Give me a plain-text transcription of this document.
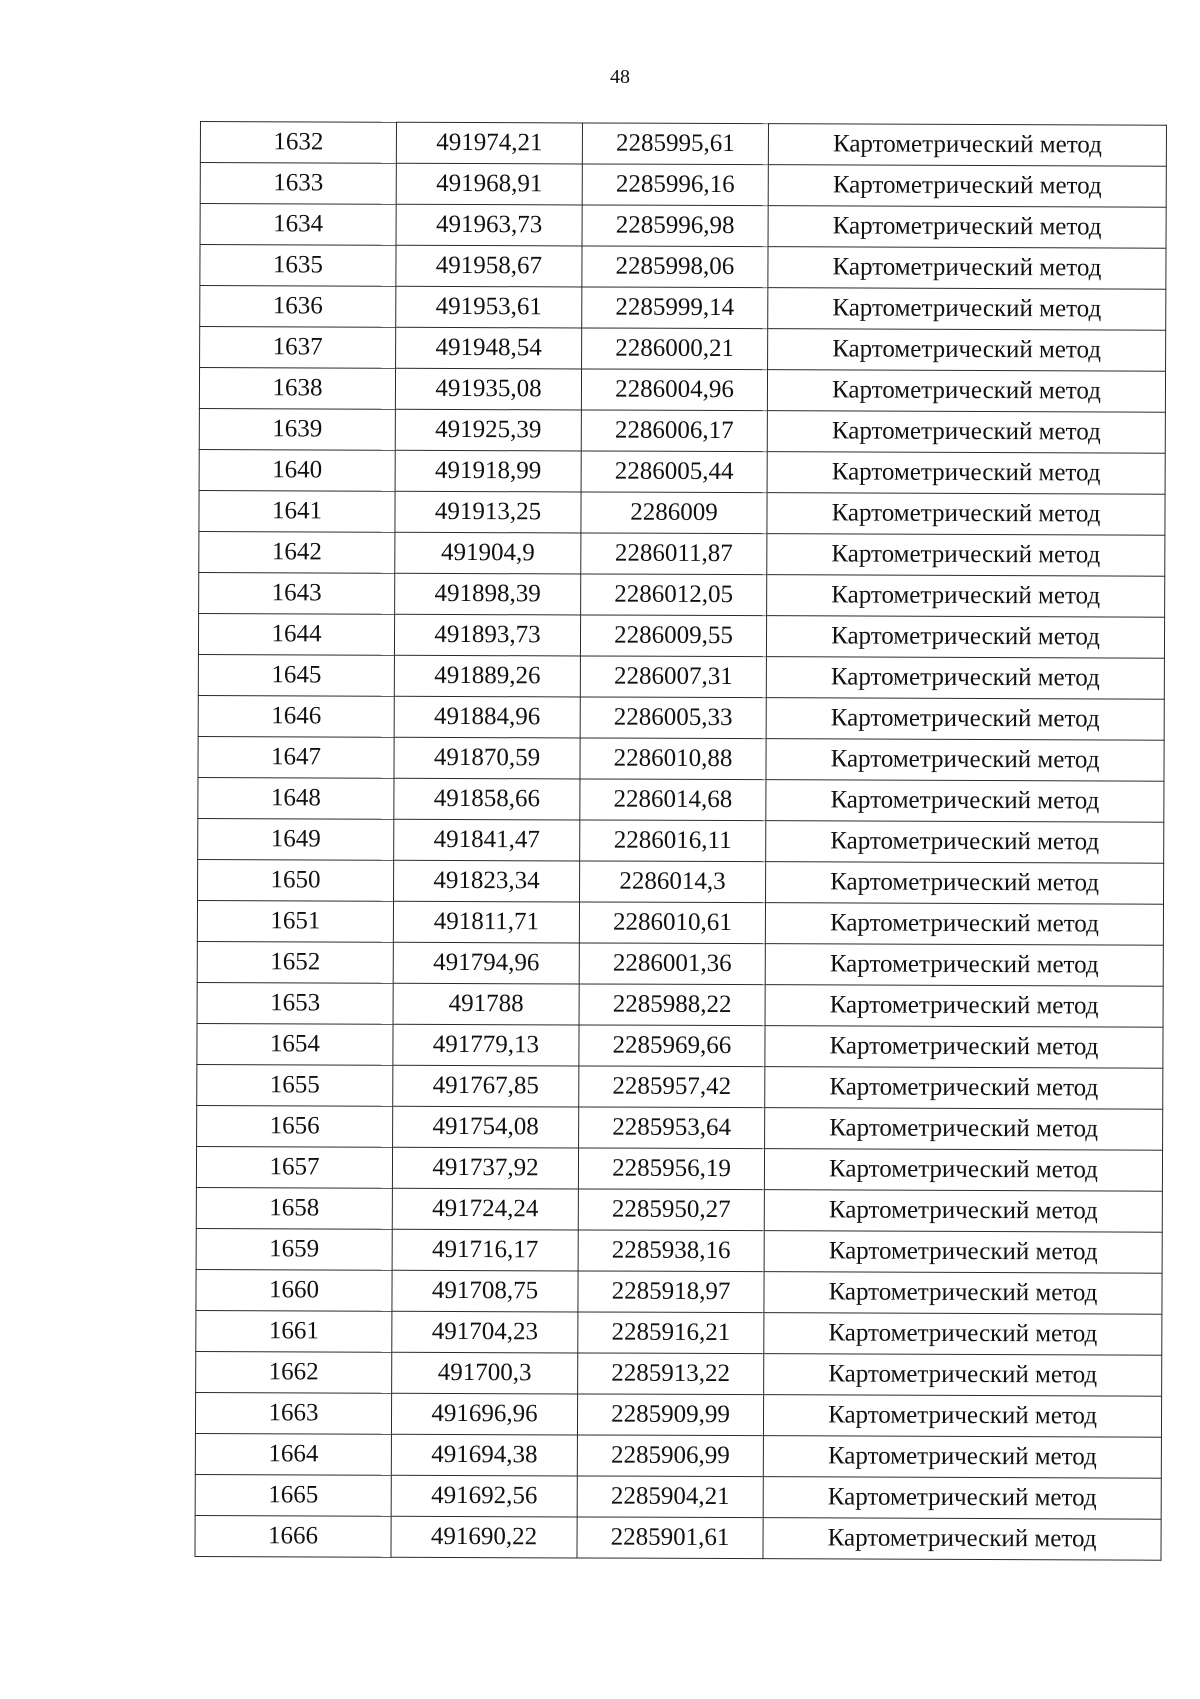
48
1632	491974,21	2285995,61	Картометрический метод
1633	491968,91	2285996,16	Картометрический метод
1634	491963,73	2285996,98	Картометрический метод
1635	491958,67	2285998,06	Картометрический метод
1636	491953,61	2285999,14	Картометрический метод
1637	491948,54	2286000,21	Картометрический метод
1638	491935,08	2286004,96	Картометрический метод
1639	491925,39	2286006,17	Картометрический метод
1640	491918,99	2286005,44	Картометрический метод
1641	491913,25	2286009	Картометрический метод
1642	491904,9	2286011,87	Картометрический метод
1643	491898,39	2286012,05	Картометрический метод
1644	491893,73	2286009,55	Картометрический метод
1645	491889,26	2286007,31	Картометрический метод
1646	491884,96	2286005,33	Картометрический метод
1647	491870,59	2286010,88	Картометрический метод
1648	491858,66	2286014,68	Картометрический метод
1649	491841,47	2286016,11	Картометрический метод
1650	491823,34	2286014,3	Картометрический метод
1651	491811,71	2286010,61	Картометрический метод
1652	491794,96	2286001,36	Картометрический метод
1653	491788	2285988,22	Картометрический метод
1654	491779,13	2285969,66	Картометрический метод
1655	491767,85	2285957,42	Картометрический метод
1656	491754,08	2285953,64	Картометрический метод
1657	491737,92	2285956,19	Картометрический метод
1658	491724,24	2285950,27	Картометрический метод
1659	491716,17	2285938,16	Картометрический метод
1660	491708,75	2285918,97	Картометрический метод
1661	491704,23	2285916,21	Картометрический метод
1662	491700,3	2285913,22	Картометрический метод
1663	491696,96	2285909,99	Картометрический метод
1664	491694,38	2285906,99	Картометрический метод
1665	491692,56	2285904,21	Картометрический метод
1666	491690,22	2285901,61	Картометрический метод
